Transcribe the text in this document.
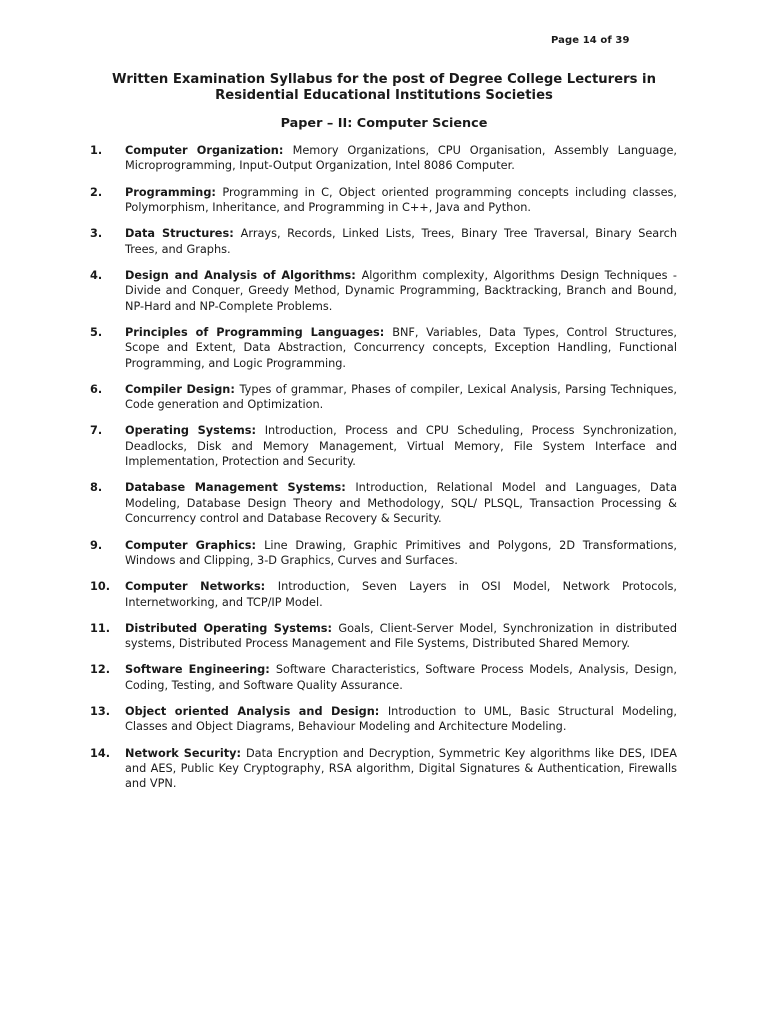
Page 14 of 39
Written Examination Syllabus for the post of Degree College Lecturers in
Residential Educational Institutions Societies
Paper – II: Computer Science
1. Computer Organization: Memory Organizations, CPU Organisation, Assembly Language, Microprogramming, Input-Output Organization, Intel 8086 Computer.
2. Programming: Programming in C, Object oriented programming concepts including classes, Polymorphism, Inheritance, and Programming in C++, Java and Python.
3. Data Structures: Arrays, Records, Linked Lists, Trees, Binary Tree Traversal, Binary Search Trees, and Graphs.
4. Design and Analysis of Algorithms: Algorithm complexity, Algorithms Design Techniques - Divide and Conquer, Greedy Method, Dynamic Programming, Backtracking, Branch and Bound, NP-Hard and NP-Complete Problems.
5. Principles of Programming Languages: BNF, Variables, Data Types, Control Structures, Scope and Extent, Data Abstraction, Concurrency concepts, Exception Handling, Functional Programming, and Logic Programming.
6. Compiler Design: Types of grammar, Phases of compiler, Lexical Analysis, Parsing Techniques, Code generation and Optimization.
7. Operating Systems: Introduction, Process and CPU Scheduling, Process Synchronization, Deadlocks, Disk and Memory Management, Virtual Memory, File System Interface and Implementation, Protection and Security.
8. Database Management Systems: Introduction, Relational Model and Languages, Data Modeling, Database Design Theory and Methodology, SQL/ PLSQL, Transaction Processing & Concurrency control and Database Recovery & Security.
9. Computer Graphics: Line Drawing, Graphic Primitives and Polygons, 2D Transformations, Windows and Clipping, 3-D Graphics, Curves and Surfaces.
10. Computer Networks: Introduction, Seven Layers in OSI Model, Network Protocols, Internetworking, and TCP/IP Model.
11. Distributed Operating Systems: Goals, Client-Server Model, Synchronization in distributed systems, Distributed Process Management and File Systems, Distributed Shared Memory.
12. Software Engineering: Software Characteristics, Software Process Models, Analysis, Design, Coding, Testing, and Software Quality Assurance.
13. Object oriented Analysis and Design: Introduction to UML, Basic Structural Modeling, Classes and Object Diagrams, Behaviour Modeling and Architecture Modeling.
14. Network Security: Data Encryption and Decryption, Symmetric Key algorithms like DES, IDEA and AES, Public Key Cryptography, RSA algorithm, Digital Signatures & Authentication, Firewalls and VPN.
